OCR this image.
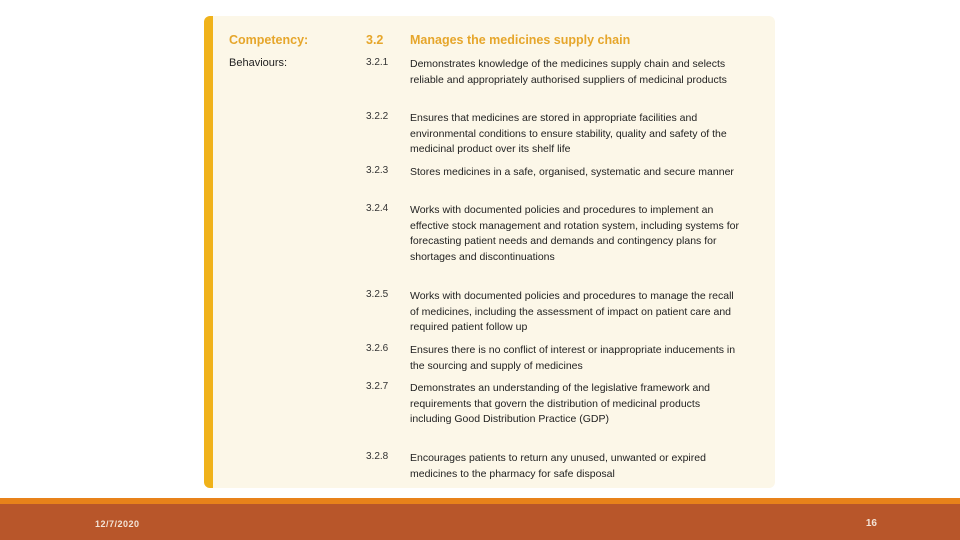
Competency:	3.2 Manages the medicines supply chain
Behaviours:	3.2.1 Demonstrates knowledge of the medicines supply chain and selects reliable and appropriately authorised suppliers of medicinal products
3.2.2 Ensures that medicines are stored in appropriate facilities and environmental conditions to ensure stability, quality and safety of the medicinal product over its shelf life
3.2.3 Stores medicines in a safe, organised, systematic and secure manner
3.2.4 Works with documented policies and procedures to implement an effective stock management and rotation system, including systems for forecasting patient needs and demands and contingency plans for shortages and discontinuations
3.2.5 Works with documented policies and procedures to manage the recall of medicines, including the assessment of impact on patient care and required patient follow up
3.2.6 Ensures there is no conflict of interest or inappropriate inducements in the sourcing and supply of medicines
3.2.7 Demonstrates an understanding of the legislative framework and requirements that govern the distribution of medicinal products including Good Distribution Practice (GDP)
3.2.8 Encourages patients to return any unused, unwanted or expired medicines to the pharmacy for safe disposal
12/7/2020	16
